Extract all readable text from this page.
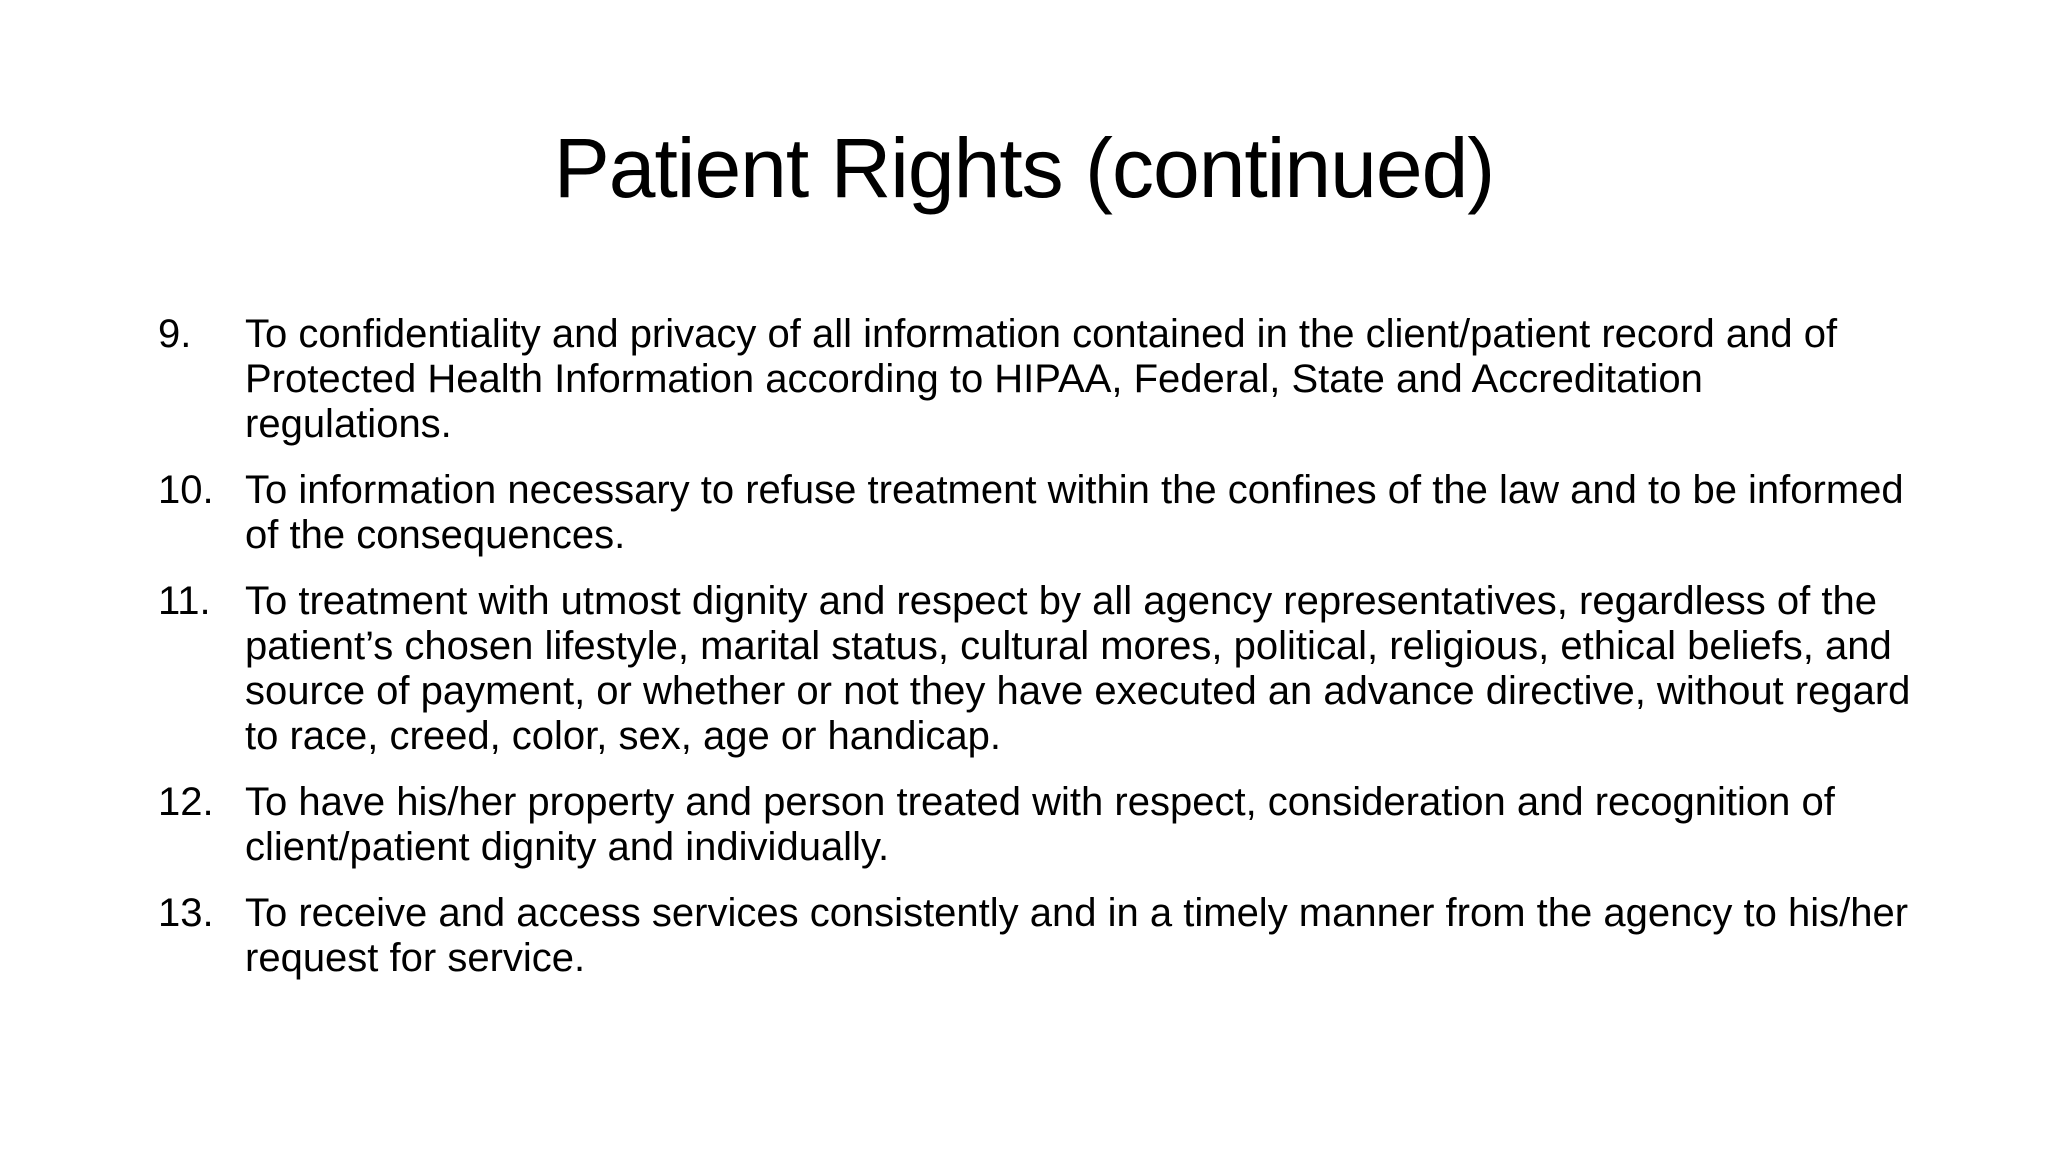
Patient Rights (continued)
9.	To confidentiality and privacy of all information contained in the client/patient record and of Protected Health Information according to HIPAA, Federal, State and Accreditation regulations.
10. To information necessary to refuse treatment within the confines of the law and to be informed of the consequences.
11. To treatment with utmost dignity and respect by all agency representatives, regardless of the patient’s chosen lifestyle, marital status, cultural mores, political, religious, ethical beliefs, and source of payment, or whether or not they have executed an advance directive, without regard to race, creed, color, sex, age or handicap.
12. To have his/her property and person treated with respect, consideration and recognition of client/patient dignity and individually.
13. To receive and access services consistently and in a timely manner from the agency to his/her request for service.
